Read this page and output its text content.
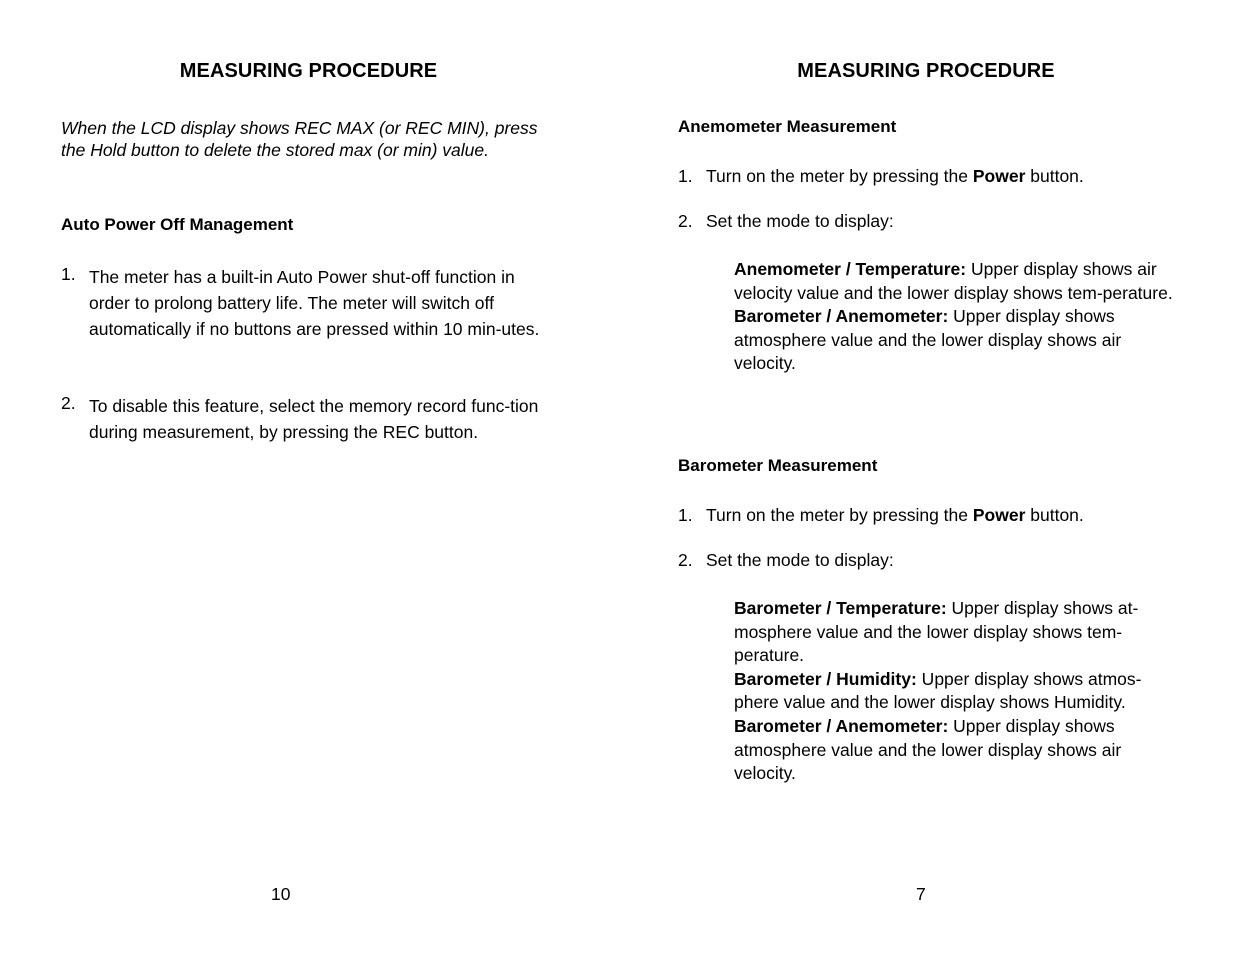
MEASURING PROCEDURE

When the LCD display shows REC MAX (or REC MIN), press the Hold button to delete the stored max (or min) value.

Auto Power Off Management
1. The meter has a built-in Auto Power shut-off function in order to prolong battery life. The meter will switch off automatically if no buttons are pressed within 10 min-utes.
2. To disable this feature, select the memory record func-tion during measurement, by pressing the REC button.

10

MEASURING PROCEDURE
Anemometer Measurement
1. Turn on the meter by pressing the Power button.
2. Set the mode to display:

Anemometer / Temperature: Upper display shows air velocity value and the lower display shows tem-perature.

Barometer / Anemometer: Upper display shows atmosphere value and the lower display shows air velocity.

Barometer Measurement
1. Turn on the meter by pressing the Power button.
2. Set the mode to display:

Barometer / Temperature: Upper display shows at-mosphere value and the lower display shows tem-perature.

Barometer / Humidity: Upper display shows atmos-phere value and the lower display shows Humidity.

Barometer / Anemometer: Upper display shows atmosphere value and the lower display shows air velocity.

7
